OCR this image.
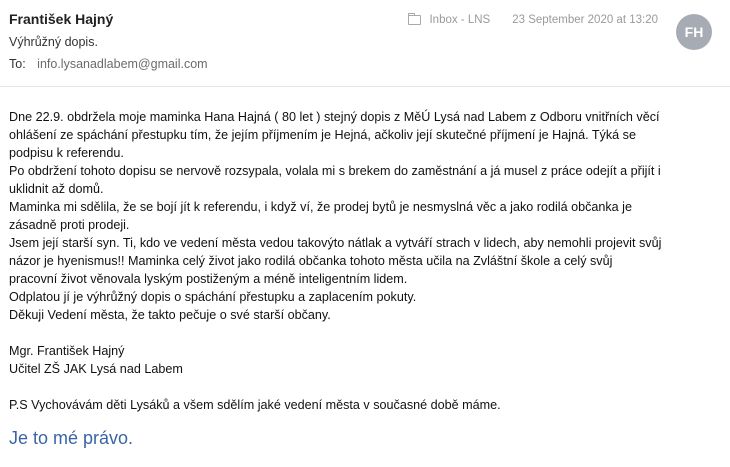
František Hajný
Výhrůžný dopis.
To: info.lysanadlabem@gmail.com
Inbox - LNS 23 September 2020 at 13:20
FH

Dne 22.9. obdržela moje maminka Hana Hajná ( 80 let ) stejný dopis z MěÚ Lysá nad Labem z Odboru vnitřních věcí

ohlášení ze spáchání přestupku tím, že jejím příjmením je Hejná, ačkoliv její skutečné příjmení je Hajná. Týká se

podpisu k referendu.

Po obdržení tohoto dopisu se nervově rozsypala, volala mi s brekem do zaměstnání a já musel z práce odejít a přijít i

uklidnit až domů.

Maminka mi sdělila, že se bojí jít k referendu, i když ví, že prodej bytů je nesmyslná věc a jako rodilá občanka je

zásadně proti prodeji.

Jsem její starší syn. Ti, kdo ve vedení města vedou takovýto nátlak a vytváří strach v lidech, aby nemohli projevit svůj

názor je hyenismus!! Maminka celý život jako rodilá občanka tohoto města učila na Zvláštní škole a celý svůj

pracovní život věnovala lyským postiženým a méně inteligentním lidem.

Odplatou jí je výhrůžný dopis o spáchání přestupku a zaplacením pokuty.

Děkuji Vedení města, že takto pečuje o své starší občany.

Mgr. František Hajný

Učitel ZŠ JAK Lysá nad Labem

P.S Vychovávám děti Lysáků a všem sdělím jaké vedení města v současné době máme.

Je to mé právo.
